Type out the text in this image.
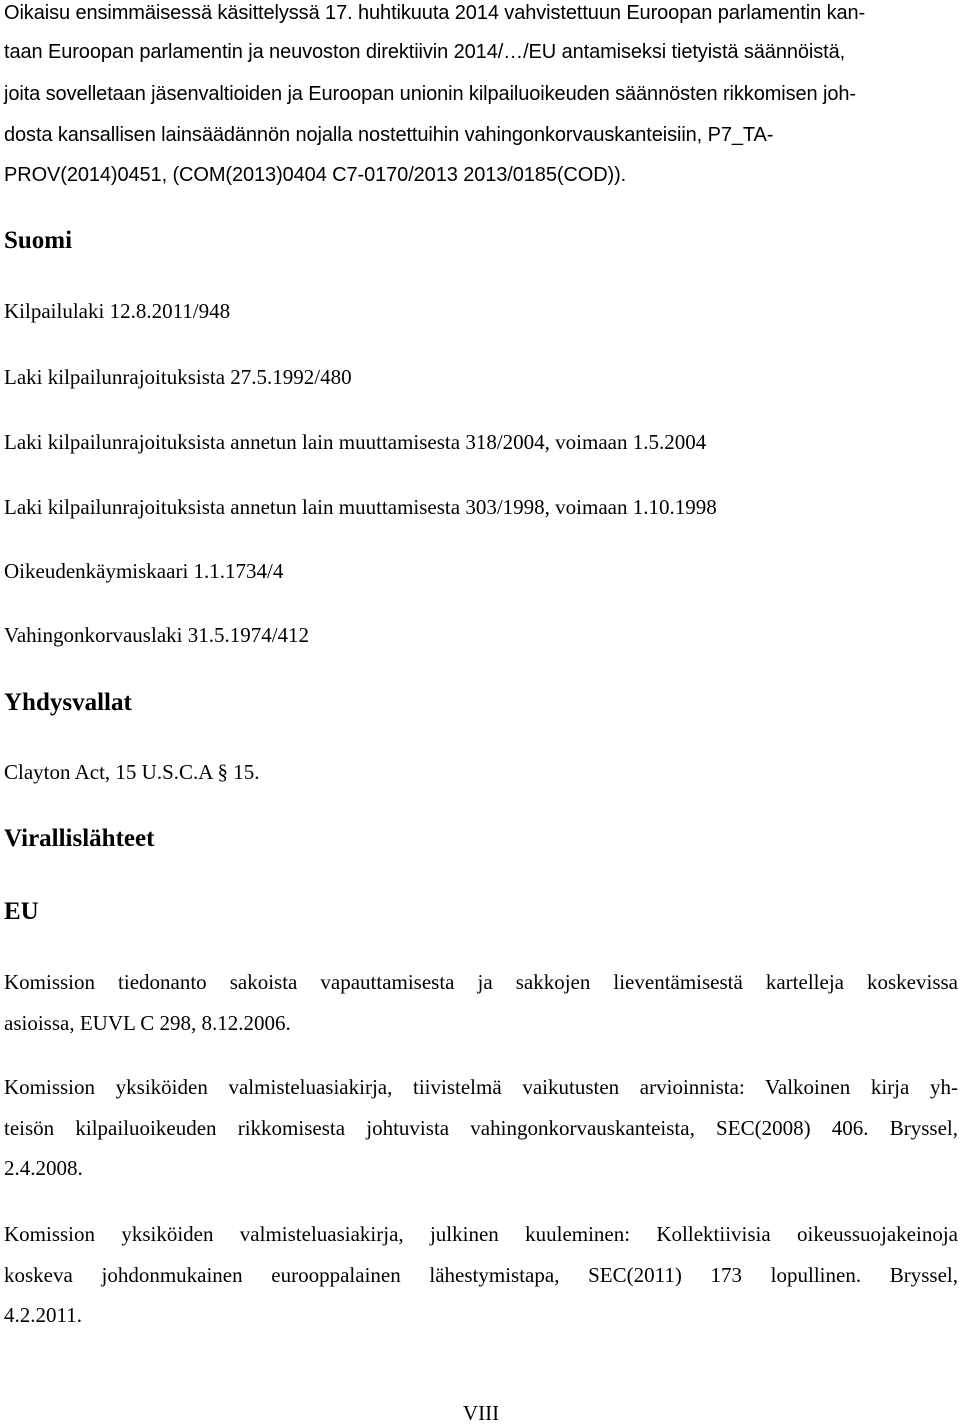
Oikaisu ensimmäisessä käsittelyssä 17. huhtikuuta 2014 vahvistettuun Euroopan parlamentin kan-
taan Euroopan parlamentin ja neuvoston direktiivin 2014/…/EU antamiseksi tietyistä säännöistä,
joita sovelletaan jäsenvaltioiden ja Euroopan unionin kilpailuoikeuden säännösten rikkomisen joh-
dosta kansallisen lainsäädännön nojalla nostettuihin vahingonkorvauskanteisiin, P7_TA-
PROV(2014)0451, (COM(2013)0404 C7-0170/2013 2013/0185(COD)).
Suomi
Kilpailulaki 12.8.2011/948
Laki kilpailunrajoituksista 27.5.1992/480
Laki kilpailunrajoituksista annetun lain muuttamisesta 318/2004, voimaan 1.5.2004
Laki kilpailunrajoituksista annetun lain muuttamisesta 303/1998, voimaan 1.10.1998
Oikeudenkäymiskaari 1.1.1734/4
Vahingonkorvauslaki 31.5.1974/412
Yhdysvallat
Clayton Act, 15 U.S.C.A § 15.
Virallislähteet
EU
Komission tiedonanto sakoista vapauttamisesta ja sakkojen lieventämisestä kartelleja koskevissa
asioissa, EUVL C 298, 8.12.2006.
Komission yksiköiden valmisteluasiakirja, tiivistelmä vaikutusten arvioinnista: Valkoinen kirja yh-
teisön kilpailuoikeuden rikkomisesta johtuvista vahingonkorvauskanteista, SEC(2008) 406. Bryssel,
2.4.2008.
Komission yksiköiden valmisteluasiakirja, julkinen kuuleminen: Kollektiivisia oikeussuojakeinoja
koskeva johdonmukainen eurooppalainen lähestymistapa, SEC(2011) 173 lopullinen. Bryssel,
4.2.2011.
VIII
